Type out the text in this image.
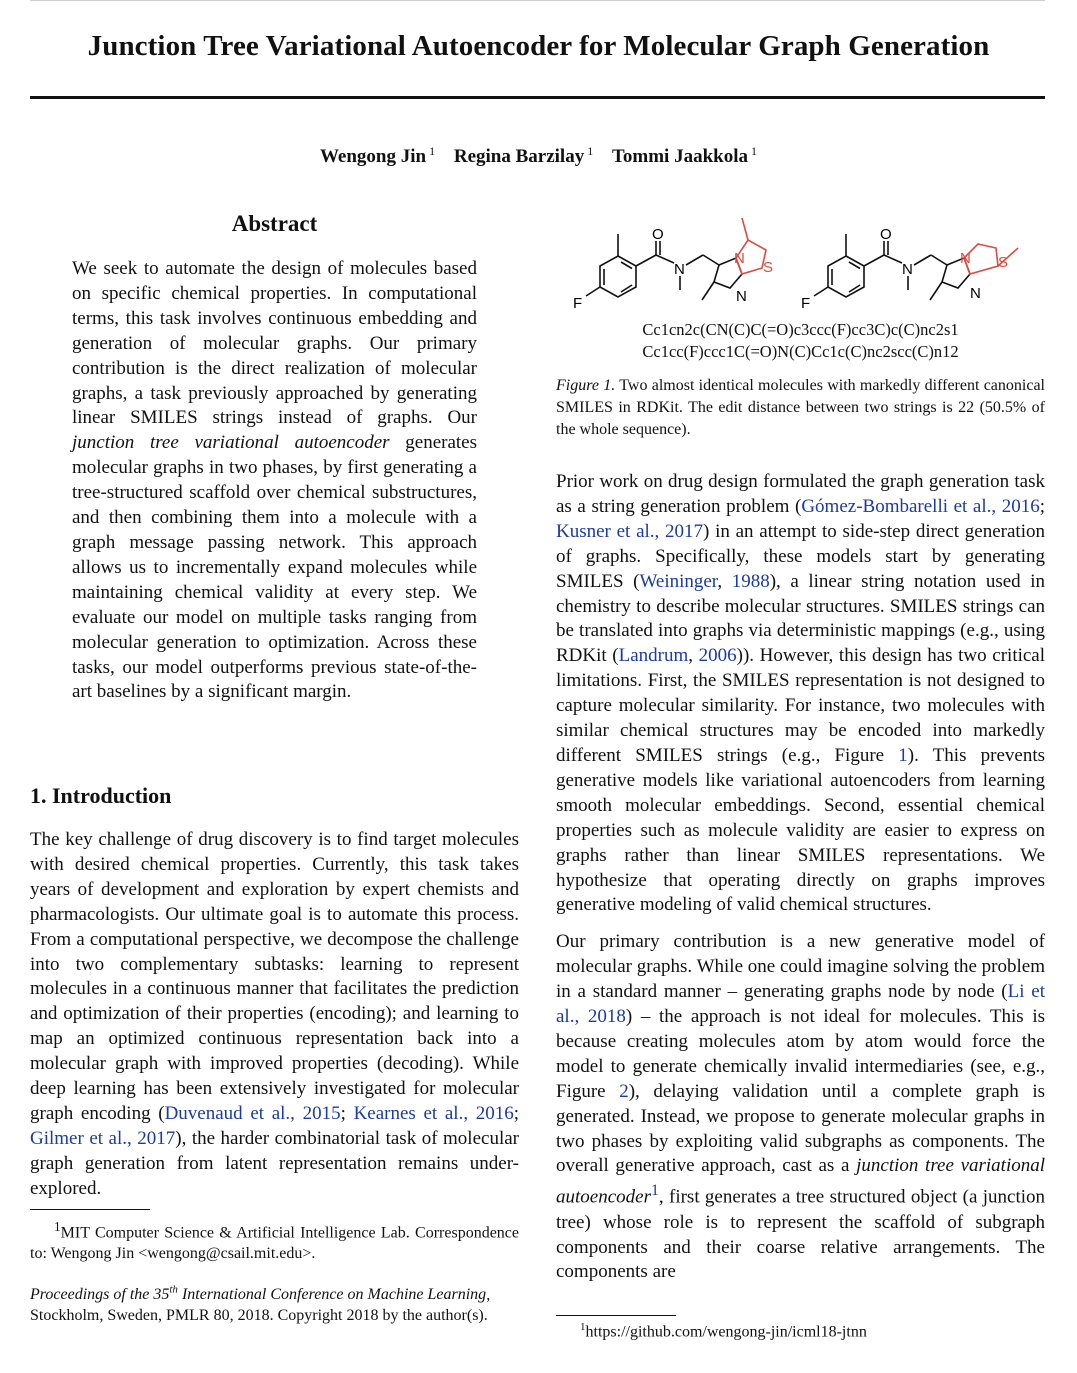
Junction Tree Variational Autoencoder for Molecular Graph Generation
Wengong Jin $^1$ Regina Barzilay $^1$ Tommi Jaakkola $^1$
Abstract
We seek to automate the design of molecules based on specific chemical properties. In computational terms, this task involves continuous embedding and generation of molecular graphs. Our primary contribution is the direct realization of molecular graphs, a task previously approached by generating linear SMILES strings instead of graphs. Our junction tree variational autoencoder generates molecular graphs in two phases, by first generating a tree-structured scaffold over chemical substructures, and then combining them into a molecule with a graph message passing network. This approach allows us to incrementally expand molecules while maintaining chemical validity at every step. We evaluate our model on multiple tasks ranging from molecular generation to optimization. Across these tasks, our model outperforms previous state-of-the-art baselines by a significant margin.
1. Introduction
The key challenge of drug discovery is to find target molecules with desired chemical properties. Currently, this task takes years of development and exploration by expert chemists and pharmacologists. Our ultimate goal is to automate this process. From a computational perspective, we decompose the challenge into two complementary subtasks: learning to represent molecules in a continuous manner that facilitates the prediction and optimization of their properties (encoding); and learning to map an optimized continuous representation back into a molecular graph with improved properties (decoding). While deep learning has been extensively investigated for molecular graph encoding (Duvenaud et al., 2015; Kearnes et al., 2016; Gilmer et al., 2017), the harder combinatorial task of molecular graph generation from latent representation remains under-explored.

$^1$MIT Computer Science & Artificial Intelligence Lab. Correspondence to: Wengong Jin <wengong@csail.mit.edu>.

Proceedings of the 35th International Conference on Machine Learning, Stockholm, Sweden, PMLR 80, 2018. Copyright 2018 by the author(s).
O
N
N
N
S
F
O
N
N
N
S
F
Cc1cn2c(CN(C)C(=O)c3ccc(F)cc3C)c(C)nc2s1
Cc1cc(F)ccc1C(=O)N(C)Cc1c(C)nc2scc(C)n12
Figure 1. Two almost identical molecules with markedly different canonical SMILES in RDKit. The edit distance between two strings is 22 (50.5% of the whole sequence).

Prior work on drug design formulated the graph generation task as a string generation problem (Gómez-Bombarelli et al., 2016; Kusner et al., 2017) in an attempt to side-step direct generation of graphs. Specifically, these models start by generating SMILES (Weininger, 1988), a linear string notation used in chemistry to describe molecular structures. SMILES strings can be translated into graphs via deterministic mappings (e.g., using RDKit (Landrum, 2006)). However, this design has two critical limitations. First, the SMILES representation is not designed to capture molecular similarity. For instance, two molecules with similar chemical structures may be encoded into markedly different SMILES strings (e.g., Figure 1). This prevents generative models like variational autoencoders from learning smooth molecular embeddings. Second, essential chemical properties such as molecule validity are easier to express on graphs rather than linear SMILES representations. We hypothesize that operating directly on graphs improves generative modeling of valid chemical structures.

Our primary contribution is a new generative model of molecular graphs. While one could imagine solving the problem in a standard manner – generating graphs node by node (Li et al., 2018) – the approach is not ideal for molecules. This is because creating molecules atom by atom would force the model to generate chemically invalid intermediaries (see, e.g., Figure 2), delaying validation until a complete graph is generated. Instead, we propose to generate molecular graphs in two phases by exploiting valid subgraphs as components. The overall generative approach, cast as a junction tree variational autoencoder$^1$, first generates a tree structured object (a junction tree) whose role is to represent the scaffold of subgraph components and their coarse relative arrangements. The components are

$^1$https://github.com/wengong-jin/icml18-jtnn
